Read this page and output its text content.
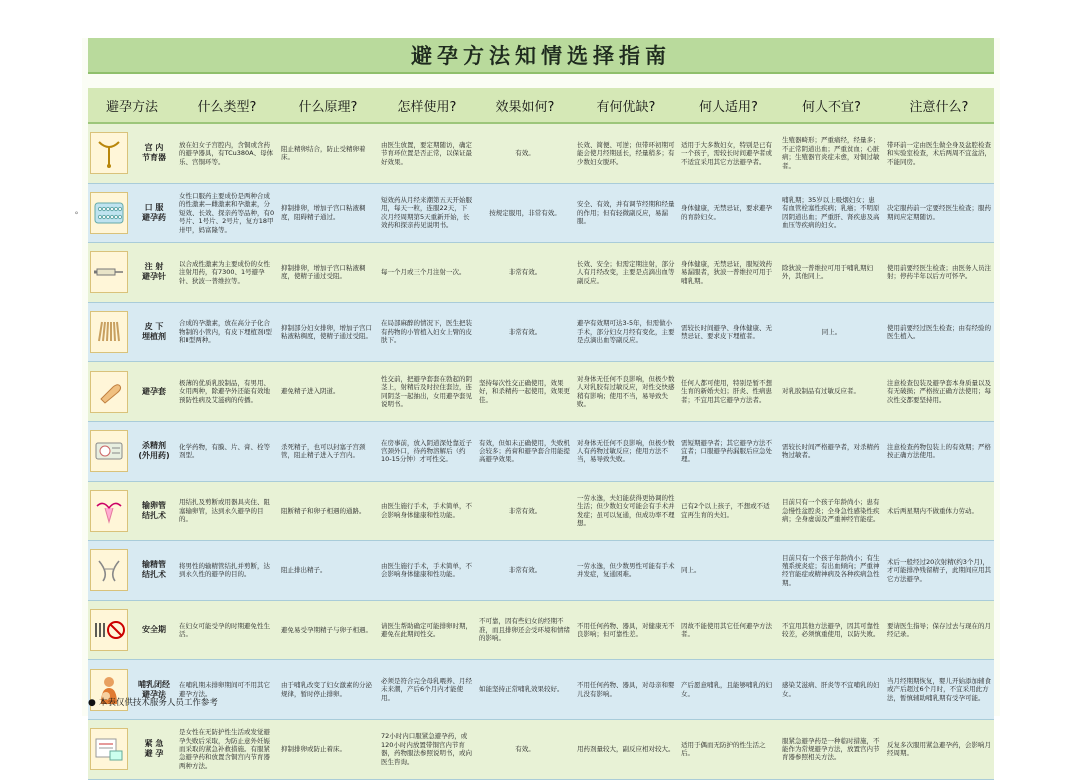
避孕方法知情选择指南
避孕方法	什么类型?	什么原理?	怎样使用?	效果如何?	有何优缺?	何人适用?	何人不宜?	注意什么?

宫 内
节育器	放在妇女子宫腔内，含铜或含药的避孕器具，有TCu380A、母体乐、宫铜环等。	阻止精卵结合，防止受精卵着床。	由医生放置，要定期随访，确定节育环位置是否正常，以保证最好效果。	有效。	长效、简便、可逆；但带环初期可能会使月经期延长，经量稍多；有少数妇女脱环。	适用于大多数妇女，特别是已有一个孩子，需较长时间避孕者或不适宜采用其它方法避孕者。	生殖器畸形；严重痛经，经量多；不正常阴道出血；严重贫血；心脏病；生殖器官炎症未愈，对铜过敏者。	带环前一定由医生做全身及盆腔检查和实验室检查，术后两周不宜盆浴，不能同房。

口 服
避孕药	女性口服药主要成份是两种合成的性激素—雌激素和孕激素，分短效、长效、探亲药等品种，有0号片、1号片、2号片，复方18甲卅甲，妈富隆等。	抑制排卵，增加子宫口粘液稠度，阻碍精子通过。	短效药从月经来潮第五天开始服用，每天一粒，连服22天，下次月经周期第5天重新开始，长效药和探亲药见说明书。	按规定服用，非常有效。	安全、有效，并有调节经期和经量的作用；但有轻微副反应，易漏服。	身体健康，无禁忌证，要求避孕的育龄妇女。	哺乳期；35岁以上吸烟妇女；患有血管栓塞性疾病；乳癌；不明原因阴道出血；严重肝、肾疾患及高血压等疾病的妇女。	决定服药前一定要经医生检查；服药期间应定期随访。

注 射
避孕针	以合成性激素为主要成份的女性注射用药，有7300、1号避孕针、狄波一普维拉等。	抑制排卵，增加子宫口粘液稠度，使精子通过受阻。	每一个月或三个月注射一次。	非常有效。	长效、安全；但需定期注射，部分人有月经改变，主要是点滴出血等副反应。	身体健康，无禁忌证，服短效药易漏服者，狄波一普维拉可用于哺乳期。	除狄波一普维拉可用于哺乳期妇外，其他同上。	使用前要经医生检查；由医务人员注射；停药半年以后方可怀孕。

皮 下
埋植剂	合成的孕激素，放在高分子化合物制的小管内，有皮下埋植剂Ⅰ型和Ⅱ型两种。	抑制部分妇女排卵，增加子宫口粘液粘稠度，使精子通过受阻。	在局部麻醉的情况下，医生把装有药物的小管植入妇女上臂的皮肤下。	非常有效。	避孕有效期可达3-5年，但需做小手术，部分妇女月经有变化，主要是点滴出血等副反应。	需较长时间避孕、身体健康、无禁忌证、要求皮下埋植者。	同上。	使用前要经过医生检查；由有经验的医生植入。

避孕套	极薄的优质乳胶制品，有男用、女用两种，除避孕外还能有效地预防性病及艾滋病的传播。	避免精子进入阴道。	性交前，把避孕套套在勃起的阴茎上，射精后及时拉住套边，连同阴茎一起抽出，女用避孕套见说明书。	坚持每次性交正确使用，效果好，和杀精药一起使用，效果更佳。	对身体无任何不良影响，但极少数人对乳胶有过敏反应，对性交快感稍有影响；使用不当，易导致失败。	任何人都可使用，特别是暂不想生育的新婚夫妇；肝炎、性病患者；不宜用其它避孕方法者。	对乳胶制品有过敏反应者。	注意检查包装及避孕套本身质量以及有无破损；严格按正确方法使用；每次性交都要坚持用。

杀精剂
(外用药)	化学药物，有膜、片、膏、栓等剂型。	杀死精子，也可以封塞子宫颈管，阻止精子进入子宫内。	在房事前，放入阴道深处靠近子宫颈外口，待药物溶解后（约10-15分钟）才可性交。	有效，但如未正确使用，失败机会较多；药膏和避孕套合用能提高避孕效果。	对身体无任何不良影响，但极少数人有药物过敏反应；使用方法不当，易导致失败。	需短期避孕者；其它避孕方法不宜者；口服避孕药漏服后应急处理。	需较长时间严格避孕者，对杀精药物过敏者。	注意检查药物包装上的有效期；严格按正确方法使用。

输卵管
结扎术	用结扎及剪断或用器具夹住、阻塞输卵管，达到永久避孕的目的。	阻断精子和卵子相遇的通路。	由医生施行手术，手术简单，不会影响身体健康和性功能。	非常有效。	一劳永逸，夫妇能获得更协调的性生活；但少数妇女可能会有手术并发症；虽可以复通，但成功率不理想。	已有2个以上孩子，不想或不适宜再生育的夫妇。	目前只有一个孩子年龄尚小；患有急慢性盆腔炎；全身急性感染性疾病；全身虚弱及严重神经官能症。	术后两星期内不做重体力劳动。

输精管
结扎术	将男性的输精管结扎并剪断，达到永久性的避孕的目的。	阻止排出精子。	由医生施行手术，手术简单，不会影响身体健康和性功能。	非常有效。	一劳永逸，但少数男性可能有手术并发症，复通困难。	同上。	目前只有一个孩子年龄尚小；有生殖系统炎症；有出血倾向；严重神经官能症或精神病及各种疾病急性期。	术后一般经过20次射精(约3个月)，才可能排净残留精子，此期间应用其它方法避孕。

安全期	在妇女可能受孕的时期避免性生活。	避免易受孕期精子与卵子相遇。	请医生帮助确定可能排卵时期，避免在此期间性交。	不可靠，因有些妇女的经期不准，而且排卵还会受环境和情绪的影响。	不用任何药物、器具，对健康无不良影响；但可靠性差。	因故不能使用其它任何避孕方法者。	不宜用其他方法避孕，因其可靠性较差，必须慎重使用，以防失败。	要请医生指导；保存过去与现在的月经记录。

哺乳闭经
避孕法	在哺乳期未排卵期间可不用其它避孕方法。	由于哺乳改变了妇女激素的分泌规律，暂时停止排卵。	必须是符合完全母乳喂养、月经未来潮，产后6个月内才能使用。	如能坚持正常哺乳效果较好。	不用任何药物、器具，对母亲和婴儿没有影响。	产后愿意哺乳，且能够哺乳的妇女。	感染艾滋病、肝炎等不宜哺乳的妇女。	当月经期期恢复，婴儿开始添加辅食或产后超过6个月时，不宜采用此方法，暂慎辅助哺乳期有受孕可能。

紧 急
避 孕	是女性在无防护性生活或发觉避孕失败后采取，为防止意外妊娠而采取的紧急补救措施。有服紧急避孕药和放置含铜宫内节育器两种方法。	抑制排卵或防止着床。	72小时内口服紧急避孕药，或120小时内放置带铜宫内节育器，药物服法参照说明书，或向医生咨询。	有效。	用药剂量较大，副反应相对较大。	适用于偶而无防护的性生活之后。	服紧急避孕药是一种临时措施，不能作为常规避孕方法，放置宫内节育器参照相关方法。	反复多次服用紧急避孕药，会影响月经周期。
● 本表仅供技术服务人员工作参考
˚
